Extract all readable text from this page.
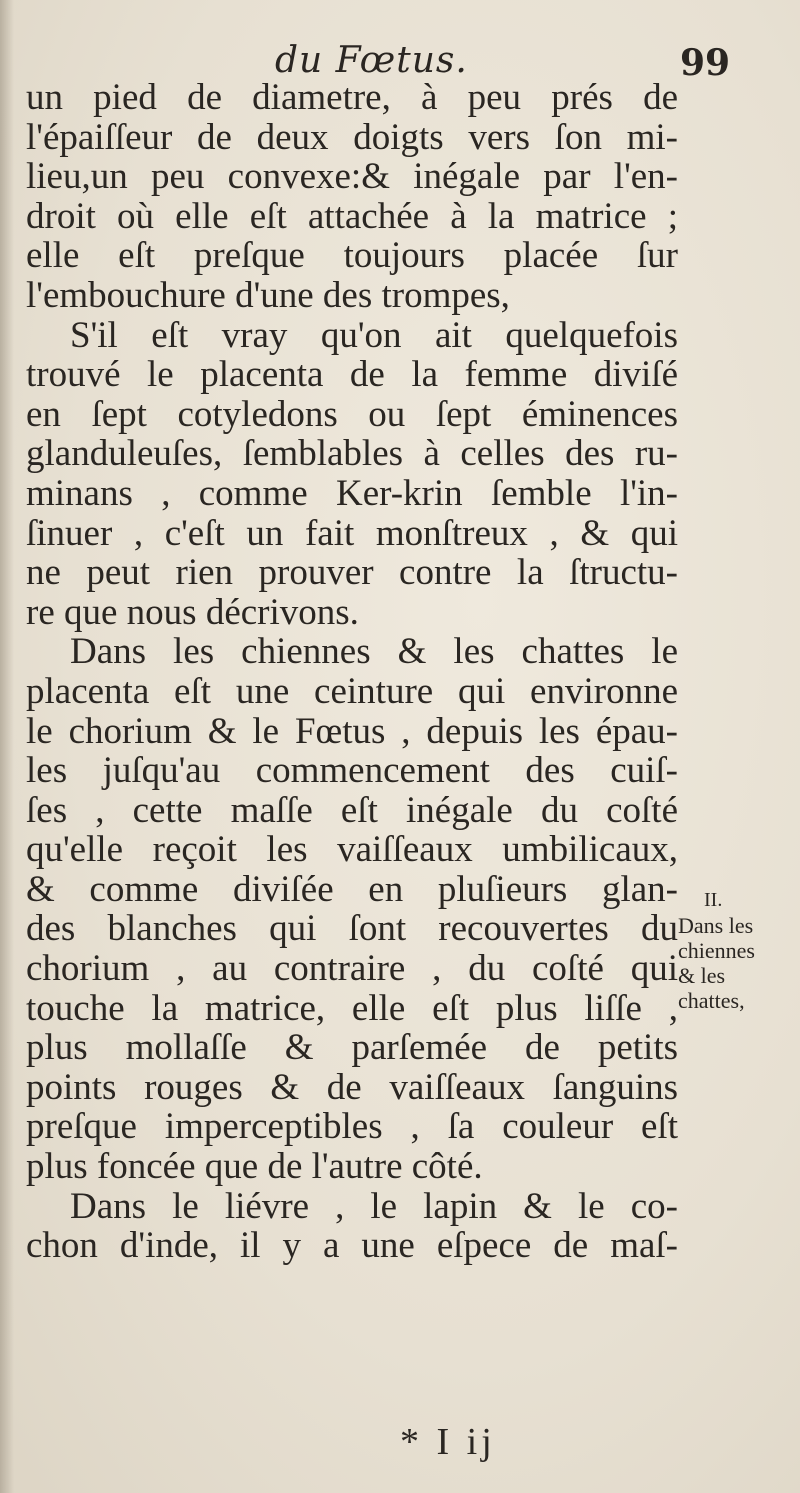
du Fœtus.	99
un pied de diametre, à peu prés de
l'épaiſſeur de deux doigts vers ſon mi-
lieu,un peu convexe:& inégale par l'en-
droit où elle eſt attachée à la matrice ;
elle eſt preſque toujours placée ſur
l'embouchure d'une des trompes,
S'il eſt vray qu'on ait quelquefois
trouvé le placenta de la femme diviſé
en ſept cotyledons ou ſept éminences
glanduleuſes, ſemblables à celles des ru-
minans , comme Ker-krin ſemble l'in-
ſinuer , c'eſt un fait monſtreux , & qui
ne peut rien prouver contre la ſtructu-
re que nous décrivons.
Dans les chiennes & les chattes le
placenta eſt une ceinture qui environne
le chorium & le Fœtus , depuis les épau-
les juſqu'au commencement des cuiſ-
ſes , cette maſſe eſt inégale du coſté
qu'elle reçoit les vaiſſeaux umbilicaux,
& comme diviſée en pluſieurs glan-
des blanches qui ſont recouvertes du
chorium , au contraire , du coſté qui
touche la matrice, elle eſt plus liſſe ,
plus mollaſſe & parſemée de petits
points rouges & de vaiſſeaux ſanguins
preſque imperceptibles , ſa couleur eſt
plus foncée que de l'autre côté.
Dans le liévre , le lapin & le co-
chon d'inde, il y a une eſpece de maſ-
II.
Dans les
chiennes
& les
chattes,
* I ij
